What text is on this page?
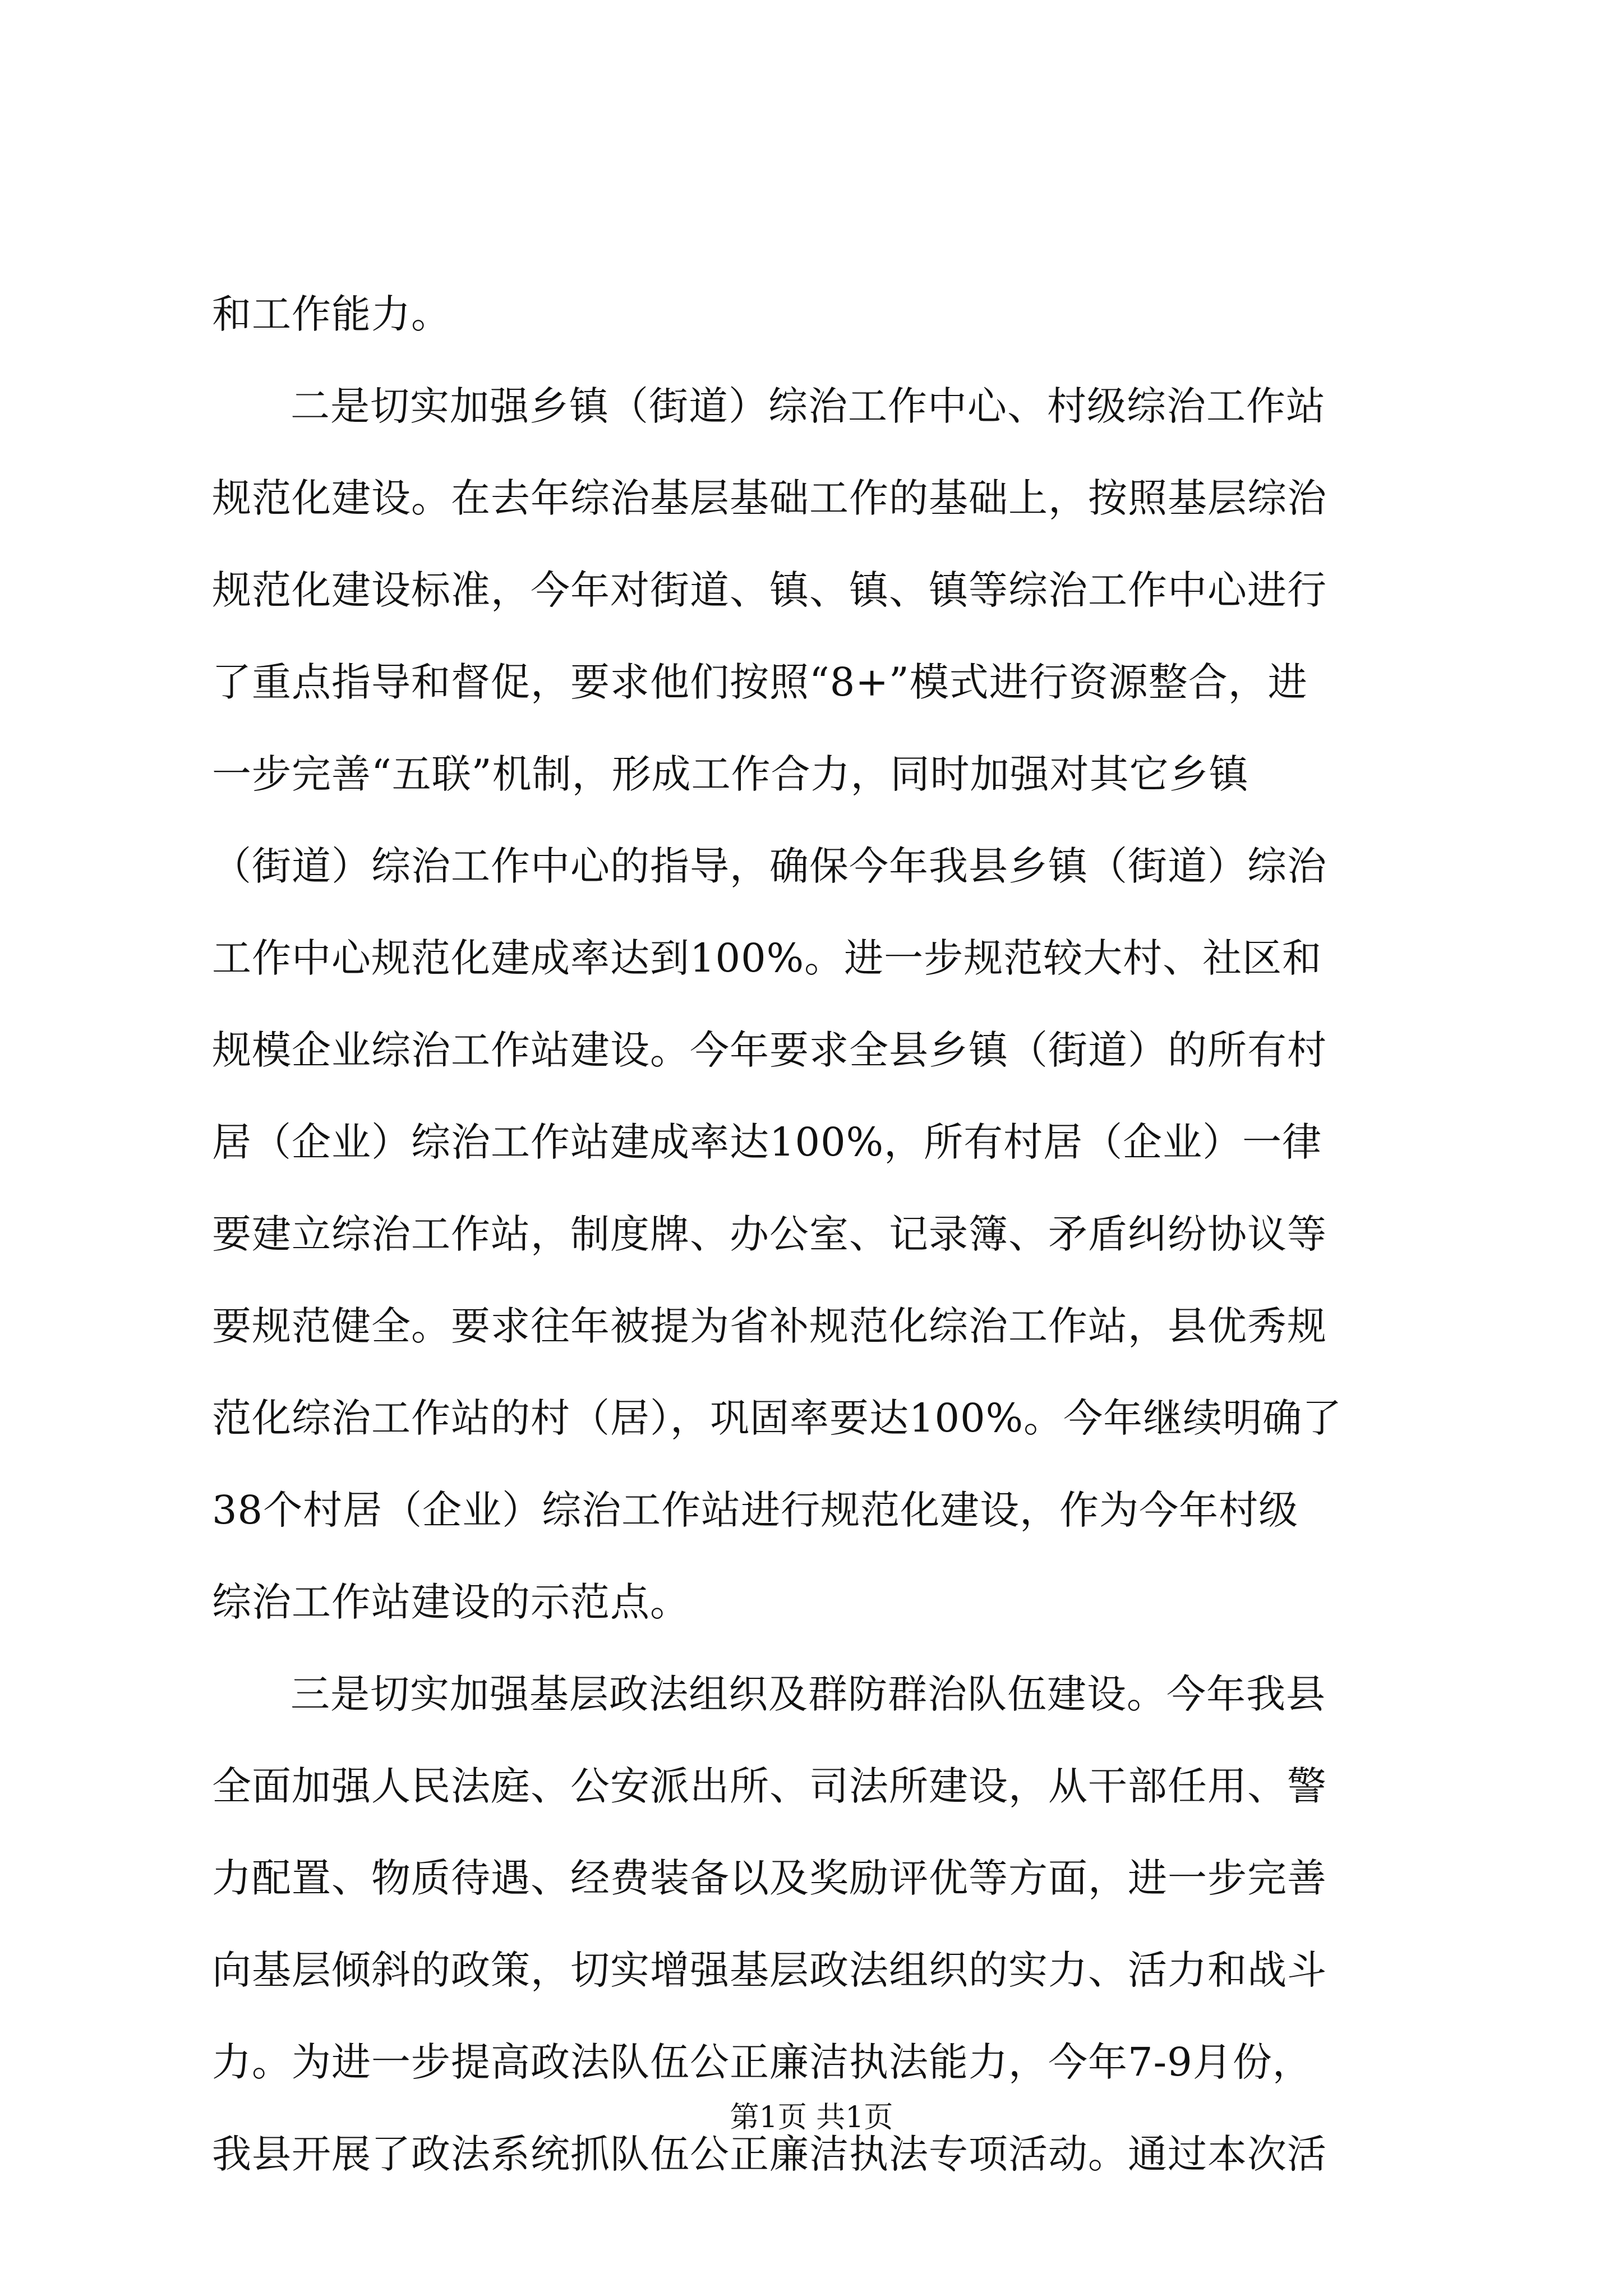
和工作能力。
二是切实加强乡镇（街道）综治工作中心、村级综治工作站
规范化建设。在去年综治基层基础工作的基础上，按照基层综治
规范化建设标准，今年对街道、镇、镇、镇等综治工作中心进行
了重点指导和督促，要求他们按照“8+”模式进行资源整合，进
一步完善“五联”机制，形成工作合力，同时加强对其它乡镇
（街道）综治工作中心的指导，确保今年我县乡镇（街道）综治
工作中心规范化建成率达到100%。进一步规范较大村、社区和
规模企业综治工作站建设。今年要求全县乡镇（街道）的所有村
居（企业）综治工作站建成率达100%，所有村居（企业）一律
要建立综治工作站，制度牌、办公室、记录簿、矛盾纠纷协议等
要规范健全。要求往年被提为省补规范化综治工作站，县优秀规
范化综治工作站的村（居），巩固率要达100%。今年继续明确了
38个村居（企业）综治工作站进行规范化建设，作为今年村级
综治工作站建设的示范点。
三是切实加强基层政法组织及群防群治队伍建设。今年我县
全面加强人民法庭、公安派出所、司法所建设，从干部任用、警
力配置、物质待遇、经费装备以及奖励评优等方面，进一步完善
向基层倾斜的政策，切实增强基层政法组织的实力、活力和战斗
力。为进一步提高政法队伍公正廉洁执法能力，今年7-9月份，
我县开展了政法系统抓队伍公正廉洁执法专项活动。通过本次活
第1页 共1页
